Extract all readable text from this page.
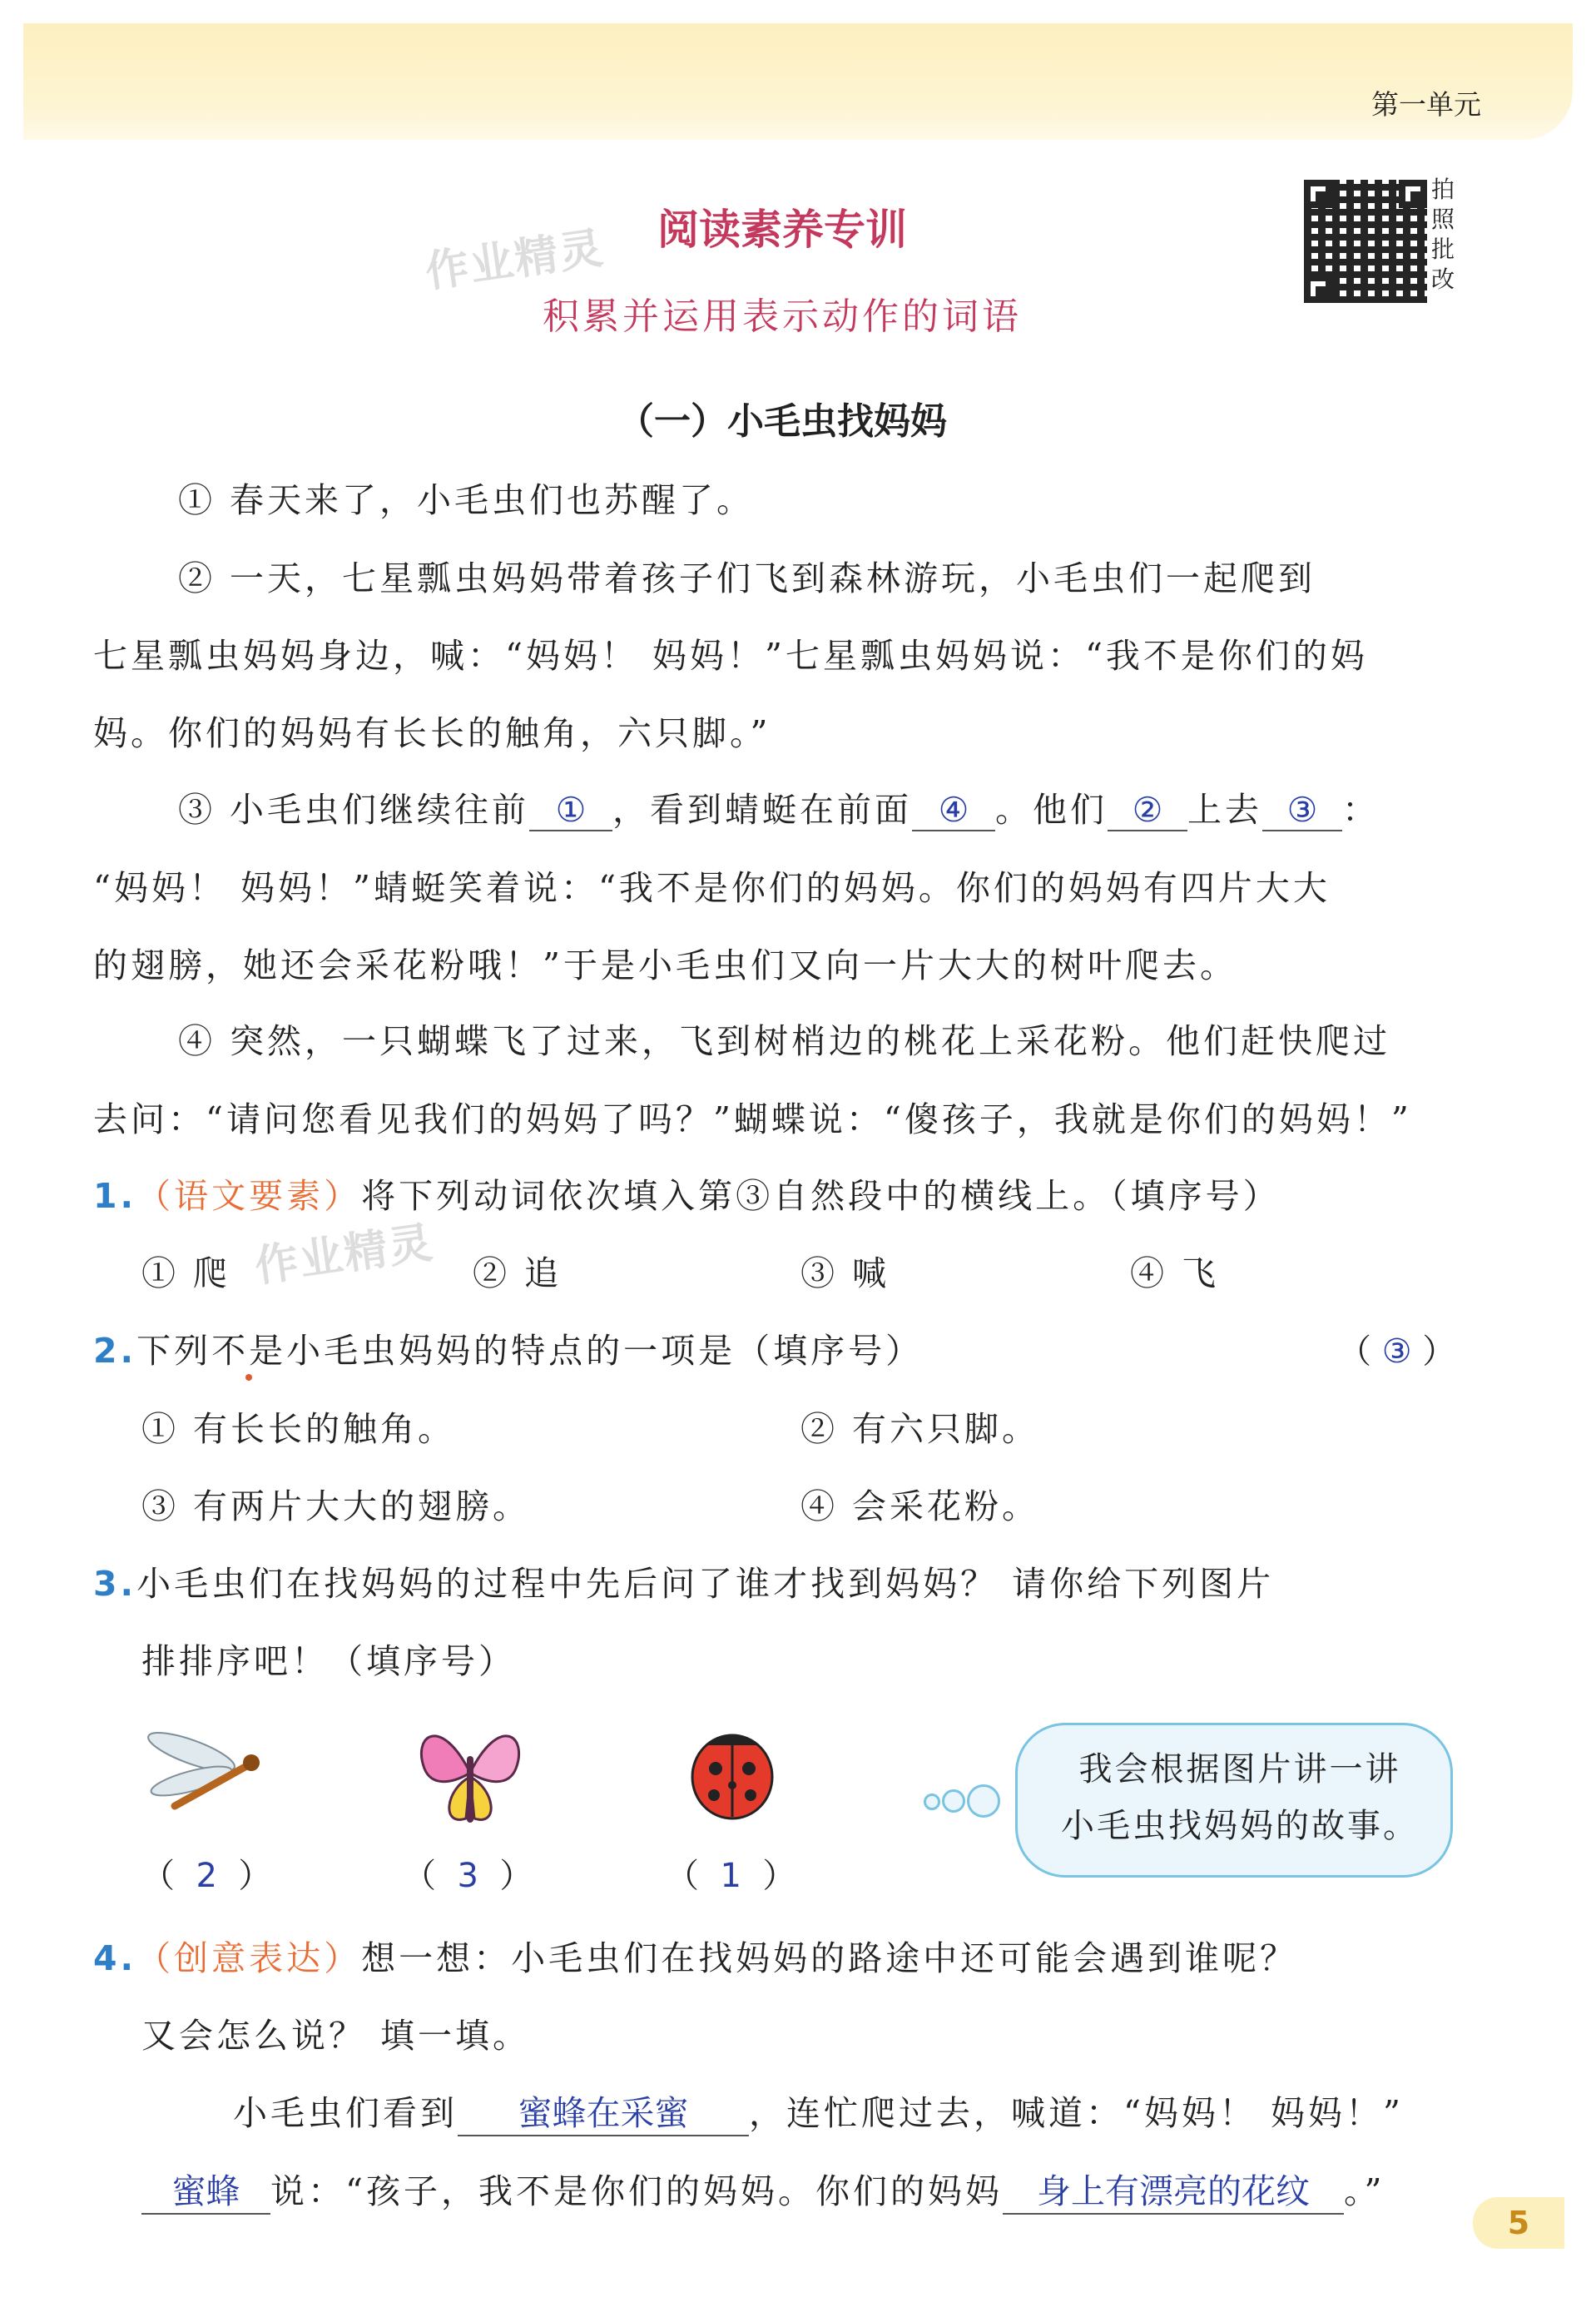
第一单元
拍照批改
作业精灵
作业精灵
阅读素养专训
积累并运用表示动作的词语
（一）小毛虫找妈妈
① 春天来了，小毛虫们也苏醒了。
② 一天，七星瓢虫妈妈带着孩子们飞到森林游玩，小毛虫们一起爬到
七星瓢虫妈妈身边，喊：“妈妈！ 妈妈！”七星瓢虫妈妈说：“我不是你们的妈
妈。你们的妈妈有长长的触角，六只脚。”
③ 小毛虫们继续往前 ① ，看到蜻蜓在前面 ④ 。他们 ② 上去 ③ ：
“妈妈！ 妈妈！”蜻蜓笑着说：“我不是你们的妈妈。你们的妈妈有四片大大
的翅膀，她还会采花粉哦！”于是小毛虫们又向一片大大的树叶爬去。
④ 突然，一只蝴蝶飞了过来，飞到树梢边的桃花上采花粉。他们赶快爬过
去问：“请问您看见我们的妈妈了吗？”蝴蝶说：“傻孩子，我就是你们的妈妈！”
1.（语文要素）将下列动词依次填入第③自然段中的横线上。（填序号）
① 爬	② 追	③ 喊	④ 飞
2.下列不是小毛虫妈妈的特点的一项是（填序号）	（ ③ ）
① 有长长的触角。	② 有六只脚。
③ 有两片大大的翅膀。	④ 会采花粉。
3.小毛虫们在找妈妈的过程中先后问了谁才找到妈妈？ 请你给下列图片
排排序吧！（填序号）
（  2  ）	（  3  ）	（  1  ）
我会根据图片讲一讲
小毛虫找妈妈的故事。
4.（创意表达）想一想：小毛虫们在找妈妈的路途中还可能会遇到谁呢？
又会怎么说？ 填一填。
小毛虫们看到 蜜蜂在采蜜 ，连忙爬过去，喊道：“妈妈！ 妈妈！”
蜜蜂 说：“孩子，我不是你们的妈妈。你们的妈妈 身上有漂亮的花纹 。”
5
